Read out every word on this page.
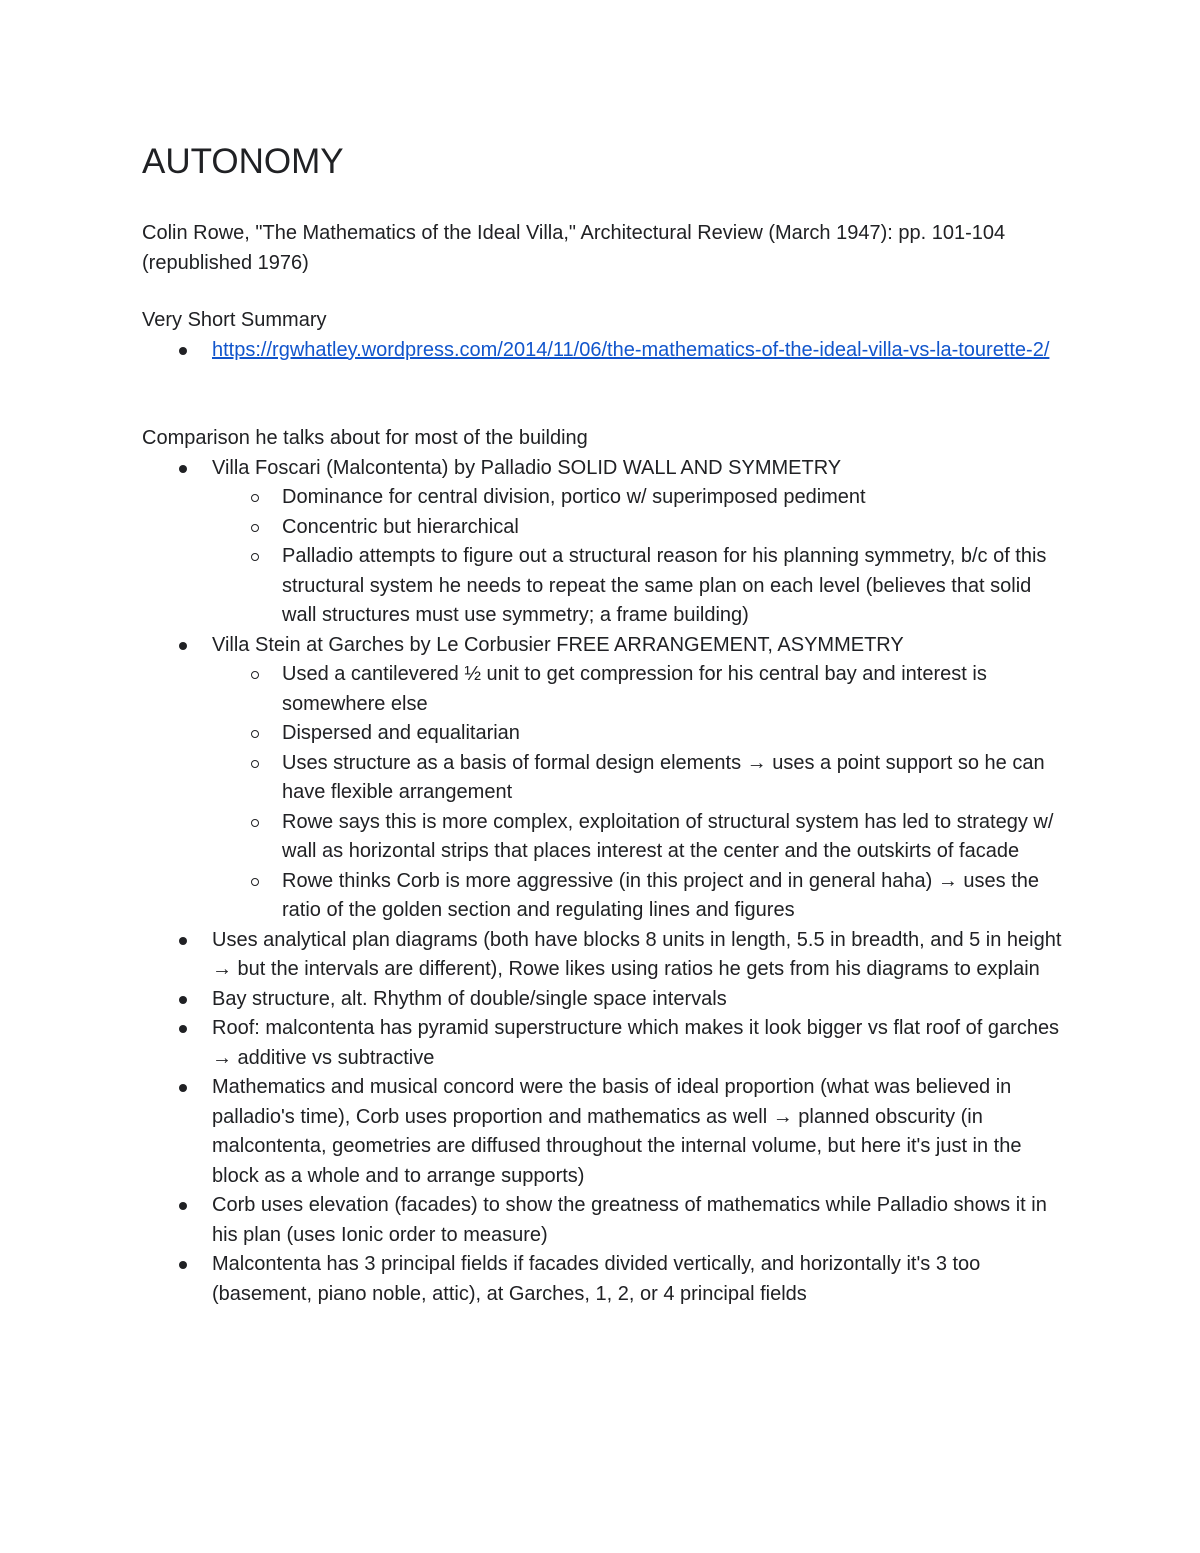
AUTONOMY

Colin Rowe, "The Mathematics of the Ideal Villa," Architectural Review (March 1947): pp. 101-104 (republished 1976)

Very Short Summary

https://rgwhatley.wordpress.com/2014/11/06/the-mathematics-of-the-ideal-villa-vs-la-tourette-2/

Comparison he talks about for most of the building

Villa Foscari (Malcontenta) by Palladio SOLID WALL AND SYMMETRY
Dominance for central division, portico w/ superimposed pediment
Concentric but hierarchical
Palladio attempts to figure out a structural reason for his planning symmetry, b/c of this structural system he needs to repeat the same plan on each level (believes that solid wall structures must use symmetry; a frame building)
Villa Stein at Garches by Le Corbusier FREE ARRANGEMENT, ASYMMETRY
Used a cantilevered ½ unit to get compression for his central bay and interest is somewhere else
Dispersed and equalitarian
Uses structure as a basis of formal design elements → uses a point support so he can have flexible arrangement
Rowe says this is more complex, exploitation of structural system has led to strategy w/ wall as horizontal strips that places interest at the center and the outskirts of facade
Rowe thinks Corb is more aggressive (in this project and in general haha) → uses the ratio of the golden section and regulating lines and figures
Uses analytical plan diagrams (both have blocks 8 units in length, 5.5 in breadth, and 5 in height → but the intervals are different), Rowe likes using ratios he gets from his diagrams to explain
Bay structure, alt. Rhythm of double/single space intervals
Roof: malcontenta has pyramid superstructure which makes it look bigger vs flat roof of garches → additive vs subtractive
Mathematics and musical concord were the basis of ideal proportion (what was believed in palladio's time), Corb uses proportion and mathematics as well → planned obscurity (in malcontenta, geometries are diffused throughout the internal volume, but here it's just in the block as a whole and to arrange supports)
Corb uses elevation (facades) to show the greatness of mathematics while Palladio shows it in his plan (uses Ionic order to measure)
Malcontenta has 3 principal fields if facades divided vertically, and horizontally it's 3 too (basement, piano noble, attic), at Garches, 1, 2, or 4 principal fields
